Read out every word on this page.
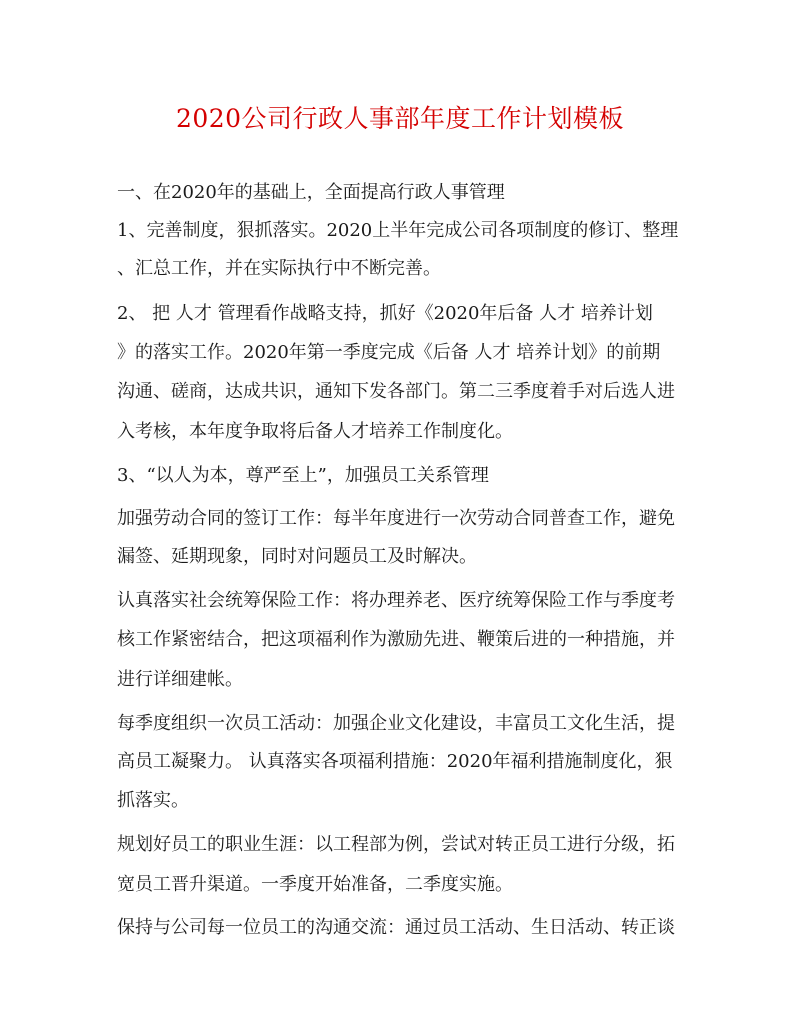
2020公司行政人事部年度工作计划模板
一、在2020年的基础上，全面提高行政人事管理
1、完善制度，狠抓落实。2020上半年完成公司各项制度的修订、整理
、汇总工作，并在实际执行中不断完善。
2、 把 人才 管理看作战略支持，抓好《2020年后备 人才 培养计划
》的落实工作。2020年第一季度完成《后备 人才 培养计划》的前期
沟通、磋商，达成共识，通知下发各部门。第二三季度着手对后选人进
入考核，本年度争取将后备人才培养工作制度化。
3、“以人为本，尊严至上”，加强员工关系管理
加强劳动合同的签订工作：每半年度进行一次劳动合同普查工作，避免
漏签、延期现象，同时对问题员工及时解决。
认真落实社会统筹保险工作：将办理养老、医疗统筹保险工作与季度考
核工作紧密结合，把这项福利作为激励先进、鞭策后进的一种措施，并
进行详细建帐。
每季度组织一次员工活动：加强企业文化建设，丰富员工文化生活，提
高员工凝聚力。 认真落实各项福利措施：2020年福利措施制度化，狠
抓落实。
规划好员工的职业生涯：以工程部为例，尝试对转正员工进行分级，拓
宽员工晋升渠道。一季度开始准备，二季度实施。
保持与公司每一位员工的沟通交流：通过员工活动、生日活动、转正谈
